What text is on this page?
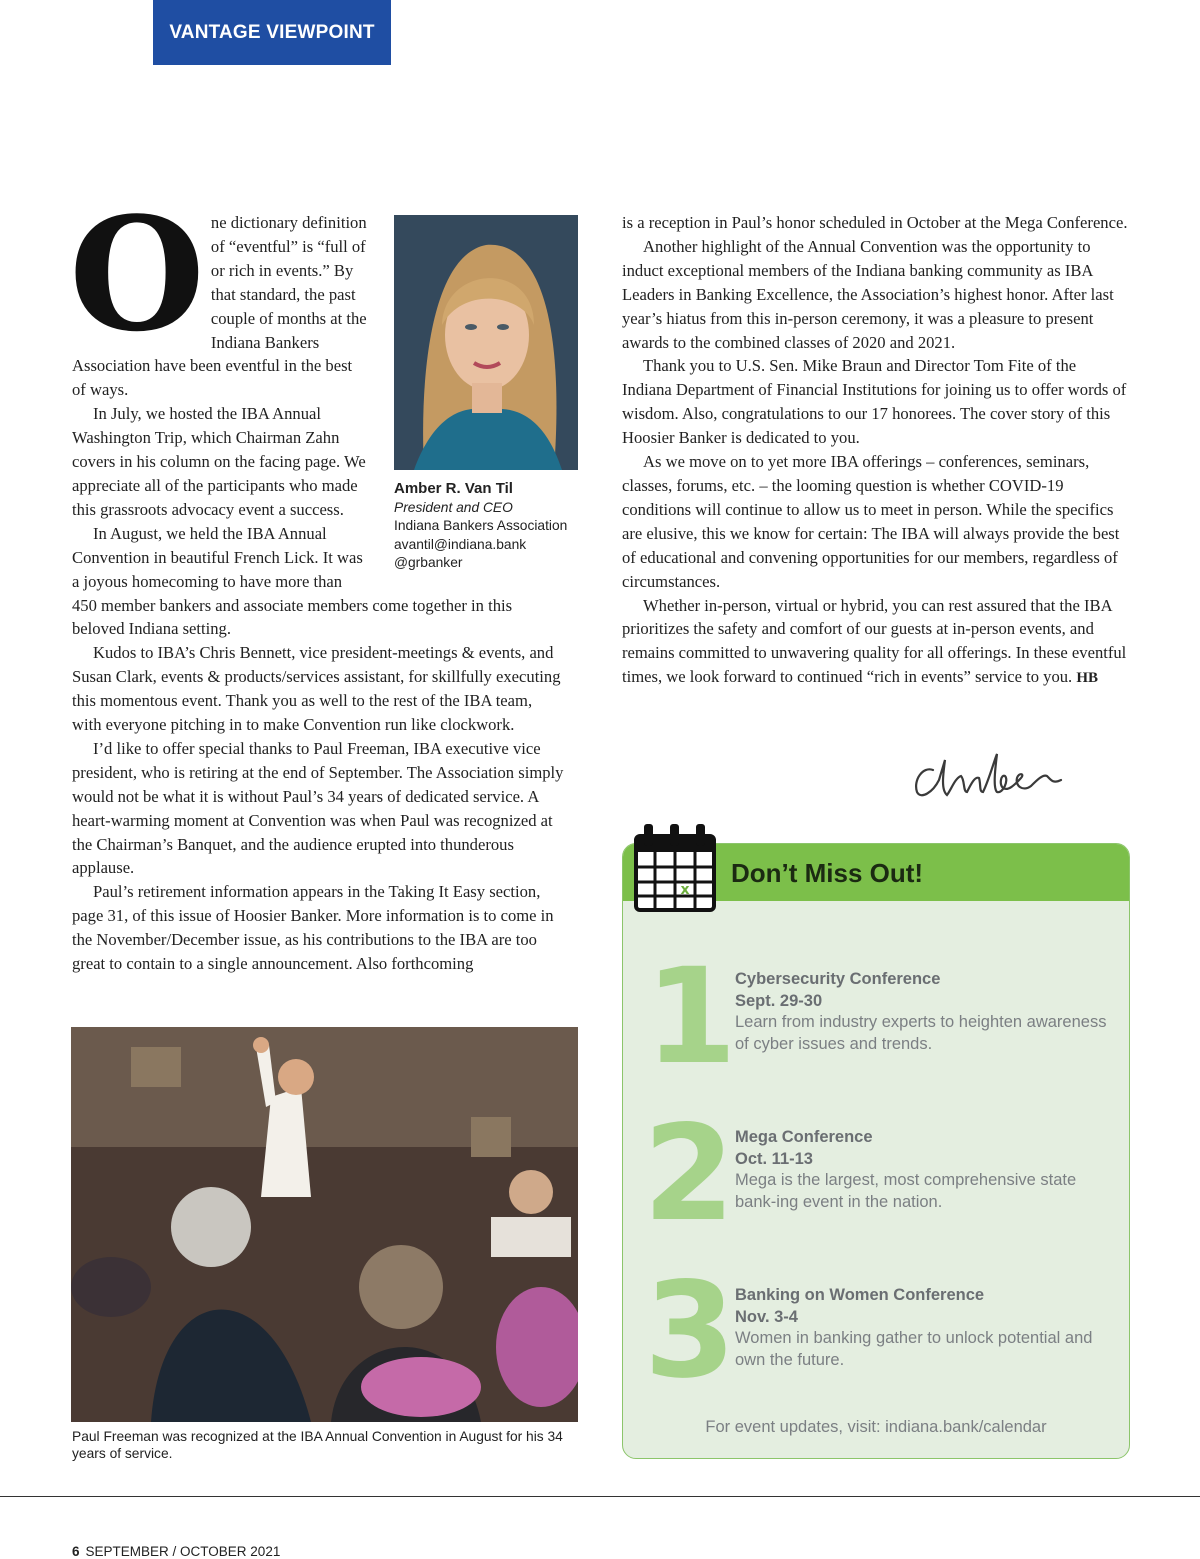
VANTAGE VIEWPOINT
O ne dictionary definition of “eventful” is “full of or rich in events.” By that standard, the past couple of months at the Indiana Bankers Association have been eventful in the best of ways.

In July, we hosted the IBA Annual Washington Trip, which Chairman Zahn covers in his column on the facing page. We appreciate all of the participants who made this grassroots advocacy event a success.

In August, we held the IBA Annual Convention in beautiful French Lick. It was a joyous homecoming to have more than 450 member bankers and associate members come together in this beloved Indiana setting.

Kudos to IBA’s Chris Bennett, vice president-meetings & events, and Susan Clark, events & products/services assistant, for skillfully executing this momentous event. Thank you as well to the rest of the IBA team, with everyone pitching in to make Convention run like clockwork.

I’d like to offer special thanks to Paul Freeman, IBA executive vice president, who is retiring at the end of September. The Association simply would not be what it is without Paul’s 34 years of dedicated service. A heart-warming moment at Convention was when Paul was recognized at the Chairman’s Banquet, and the audience erupted into thunderous applause.

Paul’s retirement information appears in the Taking It Easy section, page 31, of this issue of Hoosier Banker. More information is to come in the November/December issue, as his contributions to the IBA are too great to contain to a single announcement. Also forthcoming

Amber R. Van Til
President and CEO
Indiana Bankers Association
avantil@indiana.bank
@grbanker

is a reception in Paul’s honor scheduled in October at the Mega Conference.

Another highlight of the Annual Convention was the opportunity to induct exceptional members of the Indiana banking community as IBA Leaders in Banking Excellence, the Association’s highest honor. After last year’s hiatus from this in-person ceremony, it was a pleasure to present awards to the combined classes of 2020 and 2021.

Thank you to U.S. Sen. Mike Braun and Director Tom Fite of the Indiana Department of Financial Institutions for joining us to offer words of wisdom. Also, congratulations to our 17 honorees. The cover story of this Hoosier Banker is dedicated to you.

As we move on to yet more IBA offerings – conferences, seminars, classes, forums, etc. – the looming question is whether COVID-19 conditions will continue to allow us to meet in person. While the specifics are elusive, this we know for certain: The IBA will always provide the best of educational and convening opportunities for our members, regardless of circumstances.

Whether in-person, virtual or hybrid, you can rest assured that the IBA prioritizes the safety and comfort of our guests at in-person events, and remains committed to unwavering quality for all offerings. In these eventful times, we look forward to continued “rich in events” service to you. HB

Paul Freeman was recognized at the IBA Annual Convention in August for his 34 years of service.
Don’t Miss Out!
1
Cybersecurity Conference
Sept. 29-30
Learn from industry experts to heighten awareness of cyber issues and trends.
2 Mega Conference
Oct. 11-13
Mega is the largest, most comprehensive state bank-ing event in the nation.
3 Banking on Women Conference
Nov. 3-4
Women in banking gather to unlock potential and own the future.
For event updates, visit: indiana.bank/calendar
x
6 SEPTEMBER / OCTOBER 2021
